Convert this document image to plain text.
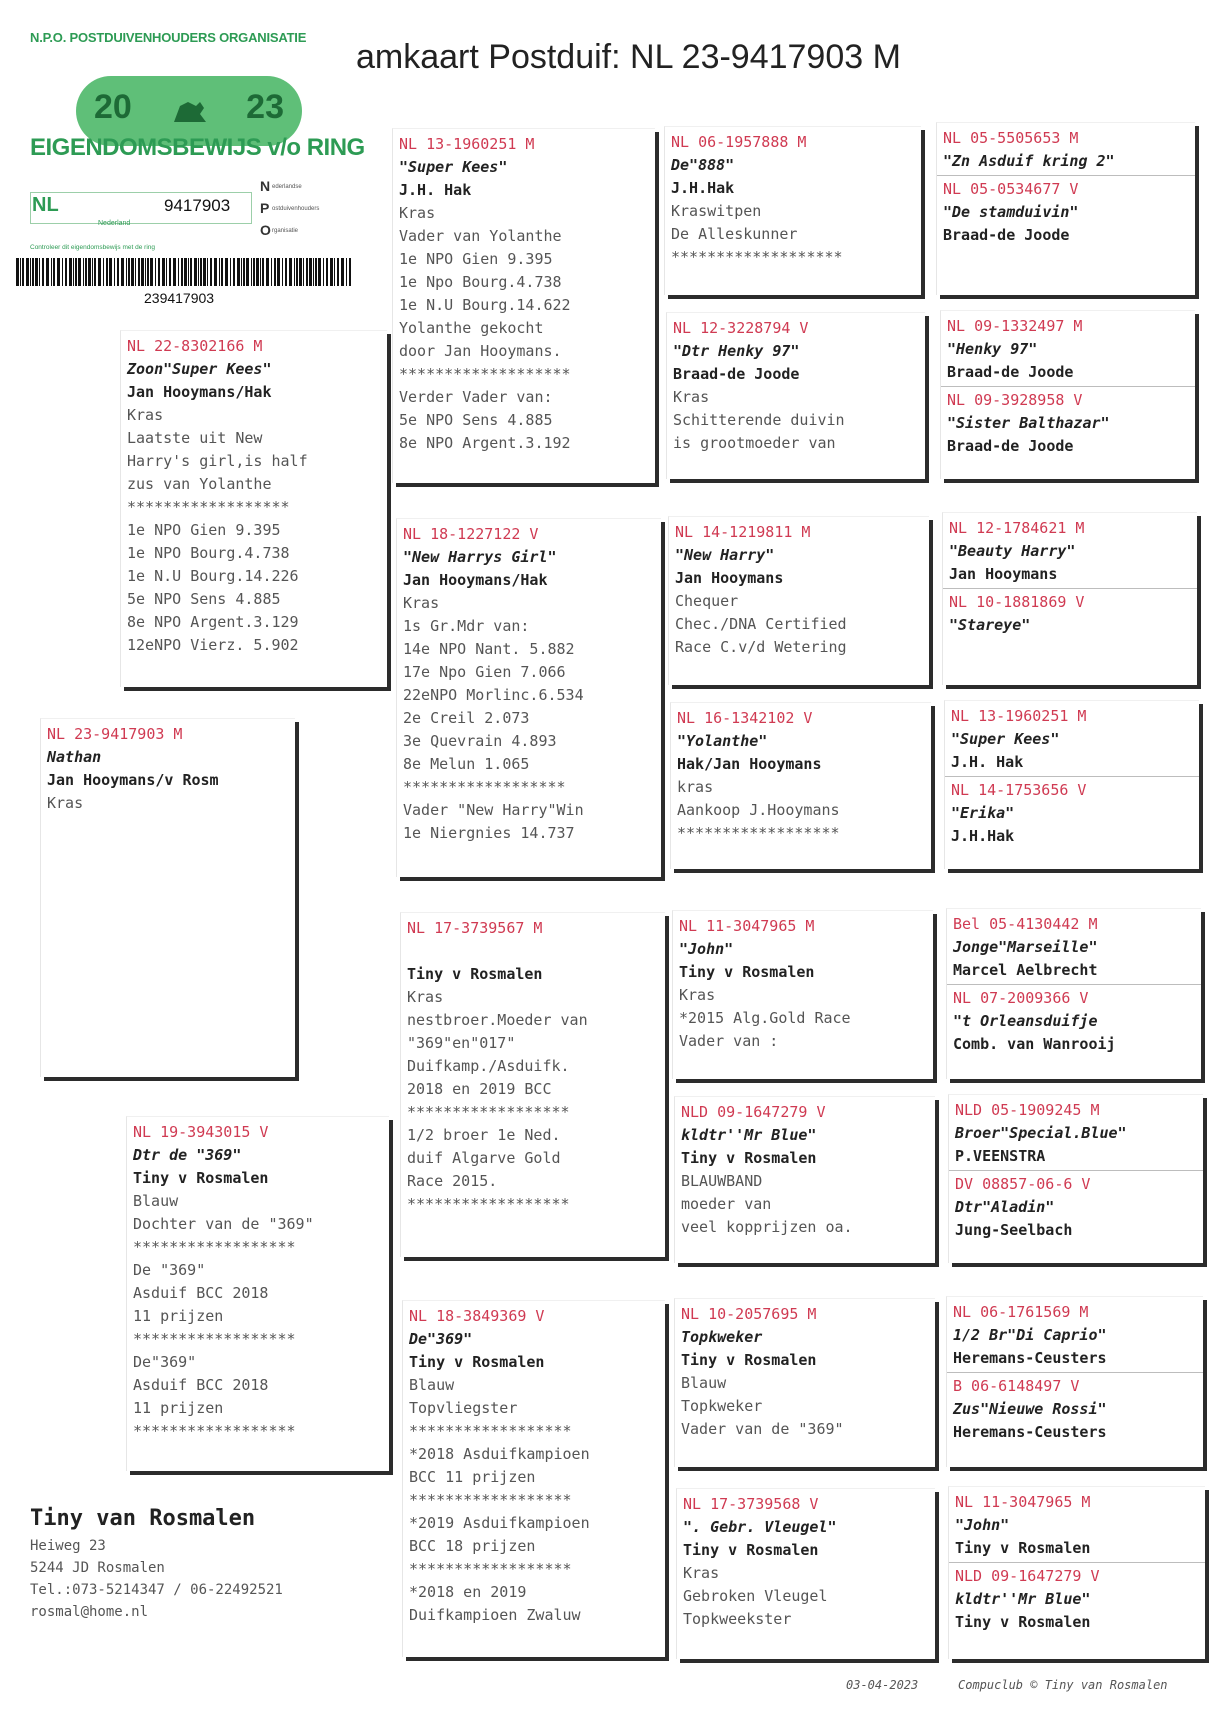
amkaart Postduif: NL 23-9417903 M
N.P.O. POSTDUIVENHOUDERS ORGANISATIE
20	23
EIGENDOMSBEWIJS v/o RING
NL	9417903
N ederlandse
P ostduivenhouders
O rganisatie
Nederland
Controleer dit eigendomsbewijs met de ring
239417903
NL 13-1960251 M
"Super Kees"
J.H. Hak
Kras
Vader van Yolanthe
1e NPO Gien 9.395
1e Npo Bourg.4.738
1e N.U Bourg.14.622
Yolanthe gekocht
door Jan Hooymans.
*******************
Verder Vader van:
5e NPO Sens 4.885
8e NPO Argent.3.192
NL 06-1957888 M
De"888"
J.H.Hak
Kraswitpen
De Alleskunner
*******************
NL 05-5505653 M
"Zn Asduif kring 2"
NL 05-0534677 V
"De stamduivin"
Braad-de Joode
NL 12-3228794 V
"Dtr Henky 97"
Braad-de Joode
Kras
Schitterende duivin
is grootmoeder van
NL 09-1332497 M
"Henky 97"
Braad-de Joode
NL 09-3928958 V
"Sister Balthazar"
Braad-de Joode
NL 22-8302166 M
Zoon"Super Kees"
Jan Hooymans/Hak
Kras
Laatste uit New
Harry's girl,is half
zus van Yolanthe
******************
1e NPO Gien 9.395
1e NPO Bourg.4.738
1e N.U Bourg.14.226
5e NPO Sens 4.885
8e NPO Argent.3.129
12eNPO Vierz. 5.902
NL 18-1227122 V
"New Harrys Girl"
Jan Hooymans/Hak
Kras
1s Gr.Mdr van:
14e NPO Nant. 5.882
17e Npo Gien 7.066
22eNPO Morlinc.6.534
2e Creil 2.073
3e Quevrain 4.893
8e Melun 1.065
******************
Vader "New Harry"Win
1e Niergnies 14.737
NL 14-1219811 M
"New Harry"
Jan Hooymans
Chequer
Chec./DNA Certified
Race C.v/d Wetering
NL 12-1784621 M
"Beauty Harry"
Jan Hooymans
NL 10-1881869 V
"Stareye"
NL 16-1342102 V
"Yolanthe"
Hak/Jan Hooymans
kras
Aankoop J.Hooymans
******************
NL 13-1960251 M
"Super Kees"
J.H. Hak
NL 14-1753656 V
"Erika"
J.H.Hak
NL 23-9417903 M
Nathan
Jan Hooymans/v Rosm
Kras
NL 17-3739567 M
Tiny v Rosmalen
Kras
nestbroer.Moeder van
"369"en"017"
Duifkamp./Asduifk.
2018 en 2019 BCC
******************
1/2 broer 1e Ned.
duif Algarve Gold
Race 2015.
******************
NL 11-3047965 M
"John"
Tiny v Rosmalen
Kras
*2015 Alg.Gold Race
Vader van :
Bel 05-4130442 M
Jonge"Marseille"
Marcel Aelbrecht
NL 07-2009366 V
"t Orleansduifje
Comb. van Wanrooij
NLD 09-1647279 V
kldtr''Mr Blue"
Tiny v Rosmalen
BLAUWBAND
moeder van
veel kopprijzen oa.
NLD 05-1909245 M
Broer"Special.Blue"
P.VEENSTRA
DV 08857-06-6 V
Dtr"Aladin"
Jung-Seelbach
NL 19-3943015 V
Dtr de "369"
Tiny v Rosmalen
Blauw
Dochter van de "369"
******************
De "369"
Asduif BCC 2018
11 prijzen
******************
De"369"
Asduif BCC 2018
11 prijzen
******************
NL 18-3849369 V
De"369"
Tiny v Rosmalen
Blauw
Topvliegster
******************
*2018 Asduifkampioen
BCC 11 prijzen
******************
*2019 Asduifkampioen
BCC 18 prijzen
******************
*2018 en 2019
Duifkampioen Zwaluw
NL 10-2057695 M
Topkweker
Tiny v Rosmalen
Blauw
Topkweker
Vader van de "369"
NL 06-1761569 M
1/2 Br"Di Caprio"
Heremans-Ceusters
B 06-6148497 V
Zus"Nieuwe Rossi"
Heremans-Ceusters
NL 17-3739568 V
". Gebr. Vleugel"
Tiny v Rosmalen
Kras
Gebroken Vleugel
Topkweekster
NL 11-3047965 M
"John"
Tiny v Rosmalen
NLD 09-1647279 V
kldtr''Mr Blue"
Tiny v Rosmalen
Tiny van Rosmalen
Heiweg 23
5244 JD Rosmalen
Tel.:073-5214347 / 06-22492521
rosmal@home.nl
03-04-2023	Compuclub © Tiny van Rosmalen
